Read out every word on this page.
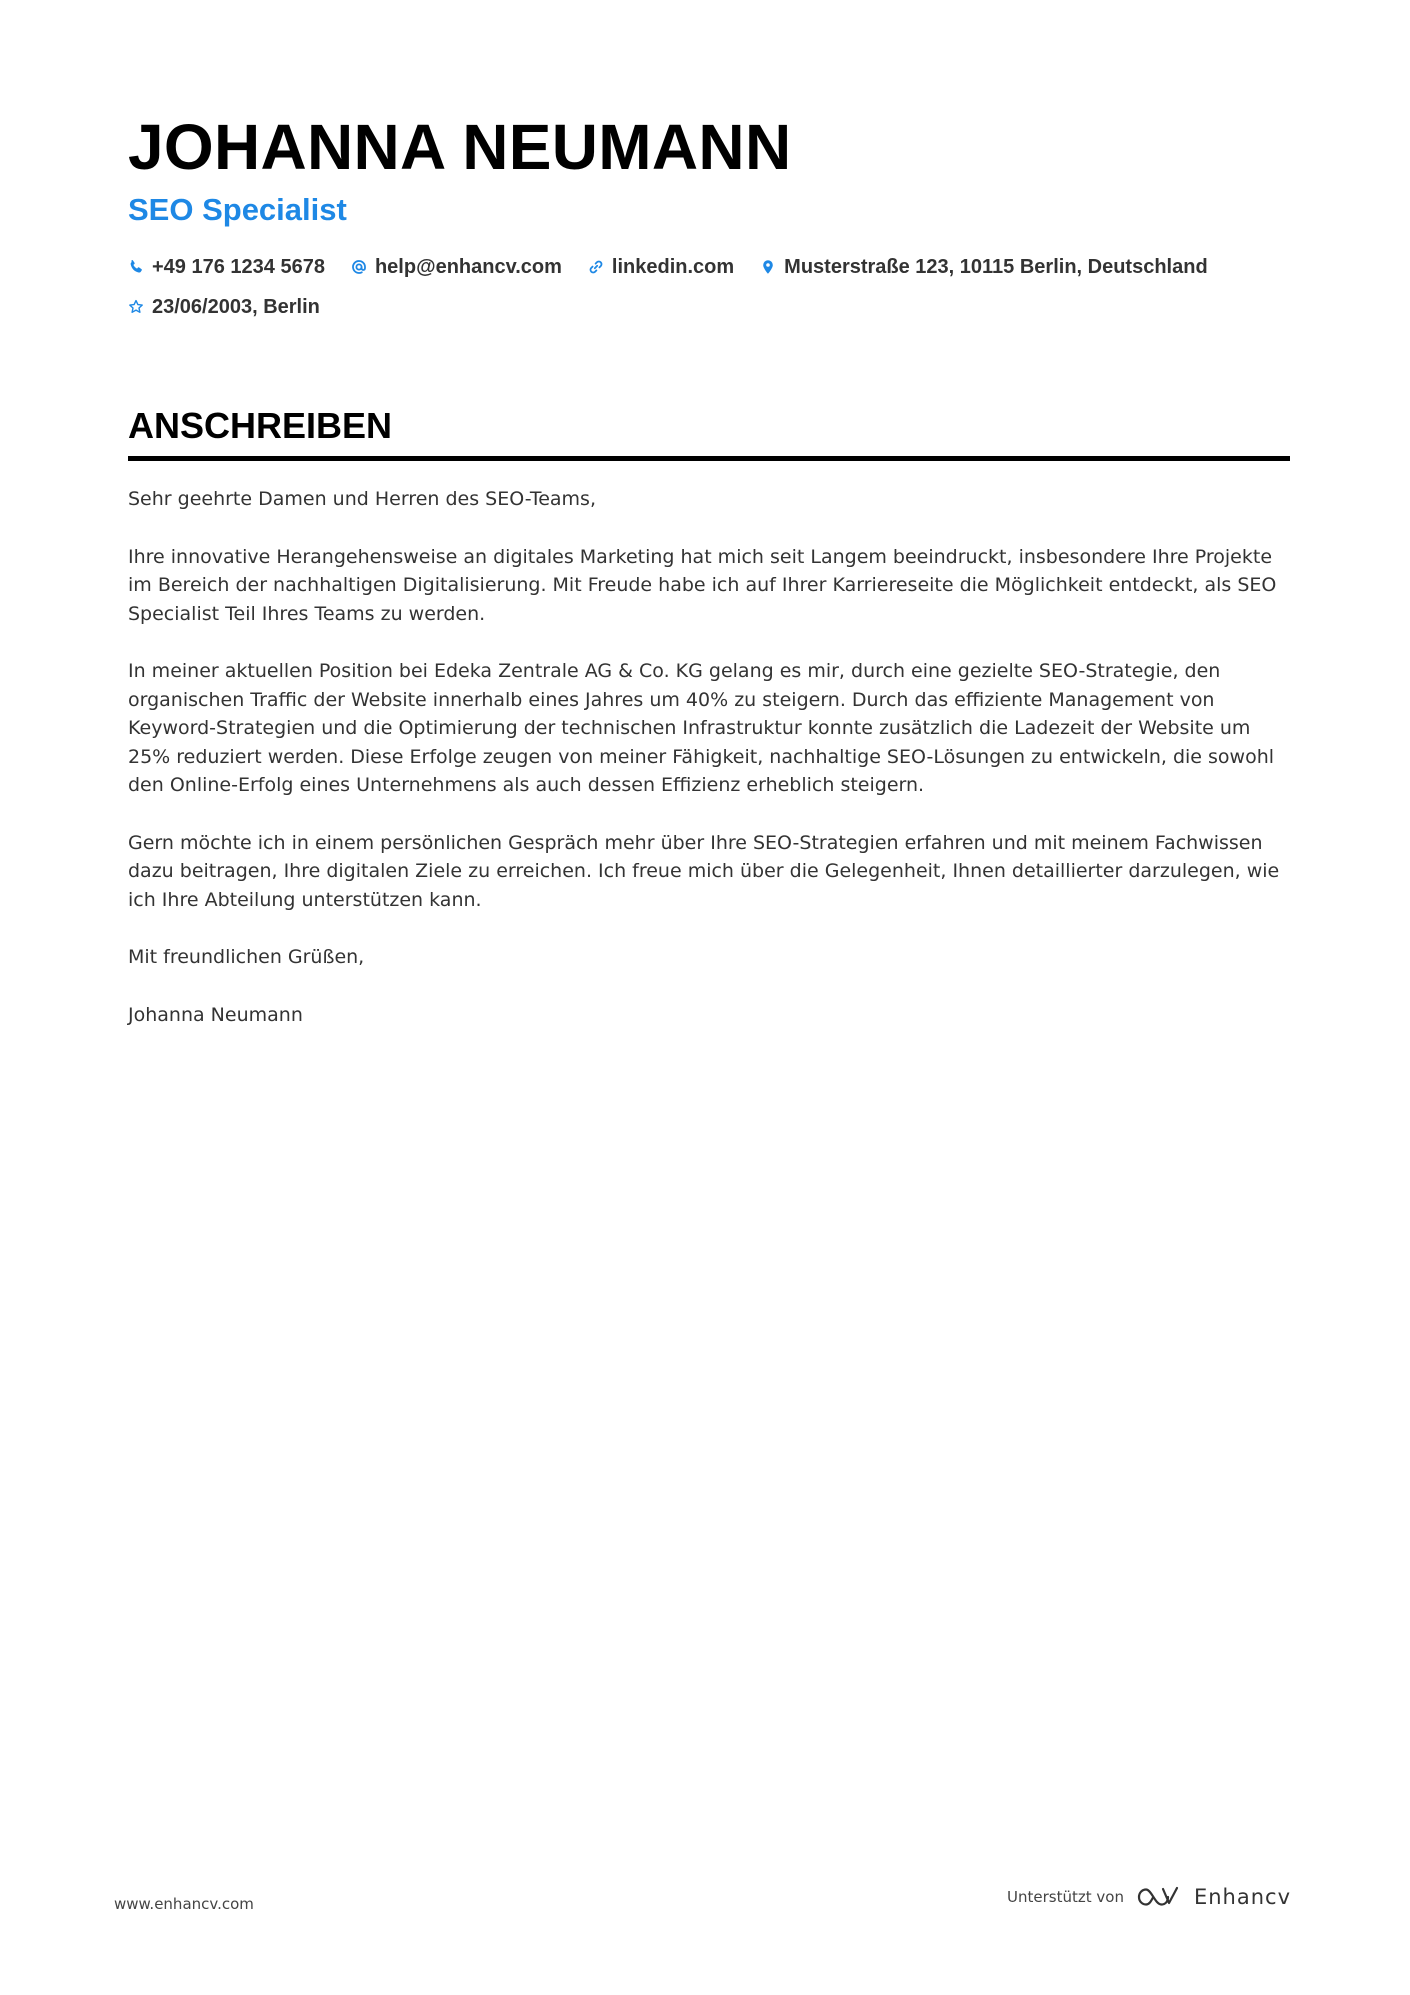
JOHANNA NEUMANN
SEO Specialist
+49 176 1234 5678	help@enhancv.com	linkedin.com	Musterstraße 123, 10115 Berlin, Deutschland
23/06/2003, Berlin
ANSCHREIBEN

Sehr geehrte Damen und Herren des SEO-Teams,

Ihre innovative Herangehensweise an digitales Marketing hat mich seit Langem beeindruckt, insbesondere Ihre Projekte im Bereich der nachhaltigen Digitalisierung. Mit Freude habe ich auf Ihrer Karriereseite die Möglichkeit entdeckt, als SEO Specialist Teil Ihres Teams zu werden.

In meiner aktuellen Position bei Edeka Zentrale AG & Co. KG gelang es mir, durch eine gezielte SEO-Strategie, den organischen Traffic der Website innerhalb eines Jahres um 40% zu steigern. Durch das effiziente Management von Keyword-Strategien und die Optimierung der technischen Infrastruktur konnte zusätzlich die Ladezeit der Website um 25% reduziert werden. Diese Erfolge zeugen von meiner Fähigkeit, nachhaltige SEO-Lösungen zu entwickeln, die sowohl den Online-Erfolg eines Unternehmens als auch dessen Effizienz erheblich steigern.

Gern möchte ich in einem persönlichen Gespräch mehr über Ihre SEO-Strategien erfahren und mit meinem Fachwissen dazu beitragen, Ihre digitalen Ziele zu erreichen. Ich freue mich über die Gelegenheit, Ihnen detaillierter darzulegen, wie ich Ihre Abteilung unterstützen kann.

Mit freundlichen Grüßen,

Johanna Neumann

www.enhancv.com	Unterstützt von	Enhancv
